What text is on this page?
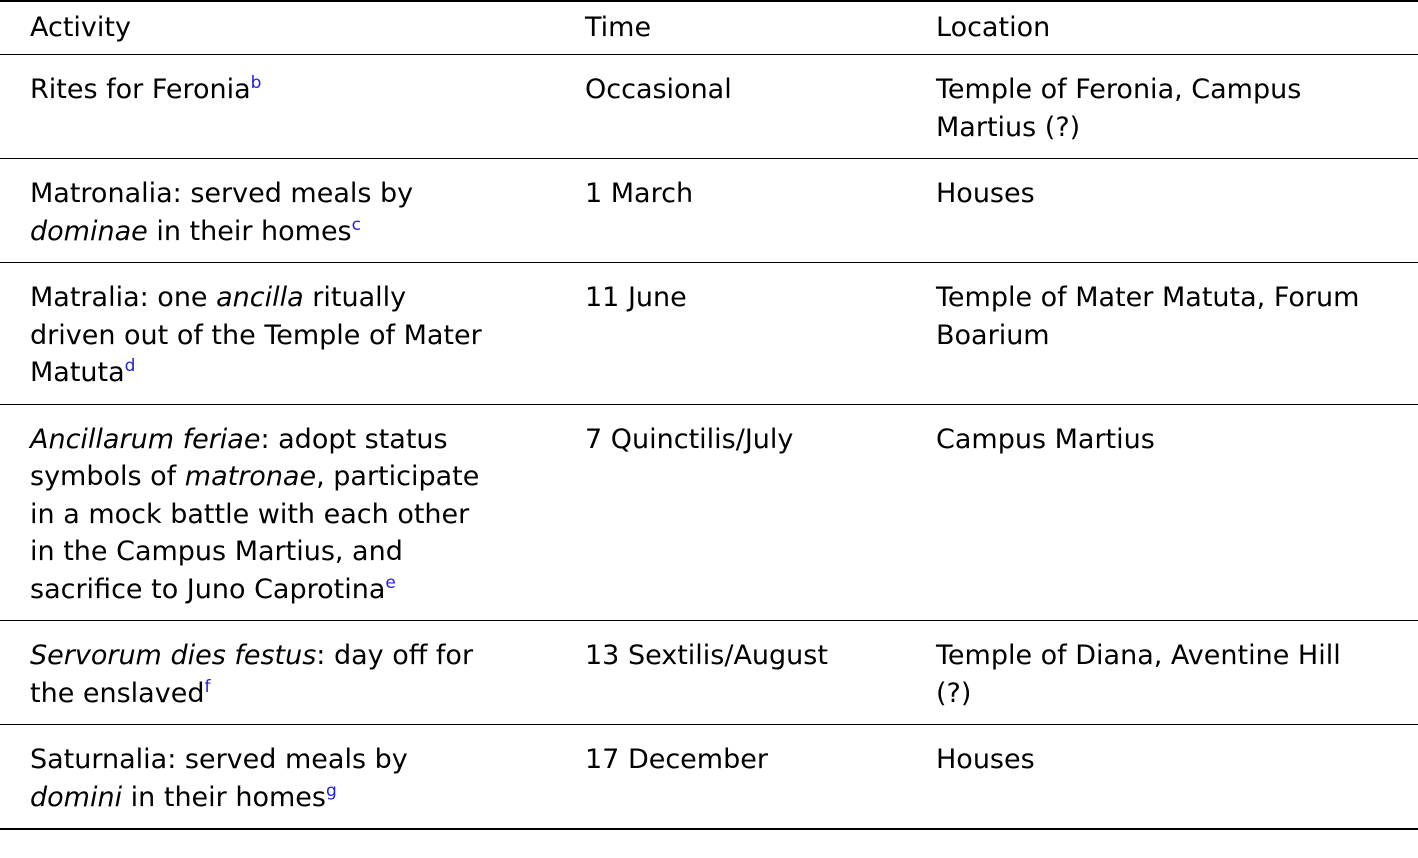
Activity	Time	Location
Rites for Feronia$^b$	Occasional	Temple of Feronia, Campus Martius (?)
Matronalia: served meals by dominae in their homes$^c$	1 March	Houses
Matralia: one ancilla ritually driven out of the Temple of Mater Matuta$^d$	11 June	Temple of Mater Matuta, Forum Boarium
Ancillarum feriae: adopt status symbols of matronae, participate in a mock battle with each other in the Campus Martius, and sacrifice to Juno Caprotina$^e$	7 Quinctilis/July	Campus Martius
Servorum dies festus: day off for the enslaved$^f$	13 Sextilis/August	Temple of Diana, Aventine Hill (?)
Saturnalia: served meals by domini in their homes$^g$	17 December	Houses
